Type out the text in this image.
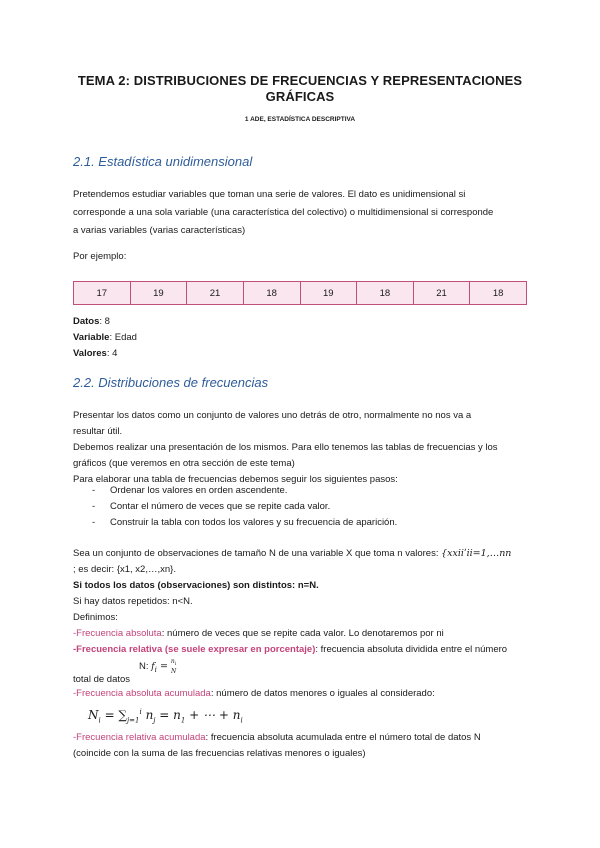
TEMA 2: DISTRIBUCIONES DE FRECUENCIAS Y REPRESENTACIONES GRÁFICAS
1 ADE, ESTADÍSTICA DESCRIPTIVA
2.1. Estadística unidimensional
Pretendemos estudiar variables que toman una serie de valores. El dato es unidimensional si
corresponde a una sola variable (una característica del colectivo) o multidimensional si corresponde
a varias variables (varias características)
Por ejemplo:
17	19	21	18	19	18	21	18
Datos: 8
Variable: Edad
Valores: 4
2.2. Distribuciones de frecuencias
Presentar los datos como un conjunto de valores uno detrás de otro, normalmente no nos va a
resultar útil.
Debemos realizar una presentación de los mismos. Para ello tenemos las tablas de frecuencias y los
gráficos (que veremos en otra sección de este tema)
Para elaborar una tabla de frecuencias debemos seguir los siguientes pasos:
- Ordenar los valores en orden ascendente.
- Contar el número de veces que se repite cada valor.
- Construir la tabla con todos los valores y su frecuencia de aparición.
Sea un conjunto de observaciones de tamaño N de una variable X que toma n valores: {xxiiʹii=1,…nn
; es decir: {x1, x2,…,xn}.
Si todos los datos (observaciones) son distintos: n=N.
Si hay datos repetidos: n<N.
Definimos:
-Frecuencia absoluta: número de veces que se repite cada valor. Lo denotaremos por ni
-Frecuencia relativa (se suele expresar en porcentaje): frecuencia absoluta dividida entre el número
total de datos
N: $f_i = n_i$
N
-Frecuencia absoluta acumulada: número de datos menores o iguales al considerado:
$N_i = \sum_{j=1}^i$ $n_j = n_1$ + ⋯ + $n_i$
-Frecuencia relativa acumulada: frecuencia absoluta acumulada entre el número total de datos N
(coincide con la suma de las frecuencias relativas menores o iguales)
